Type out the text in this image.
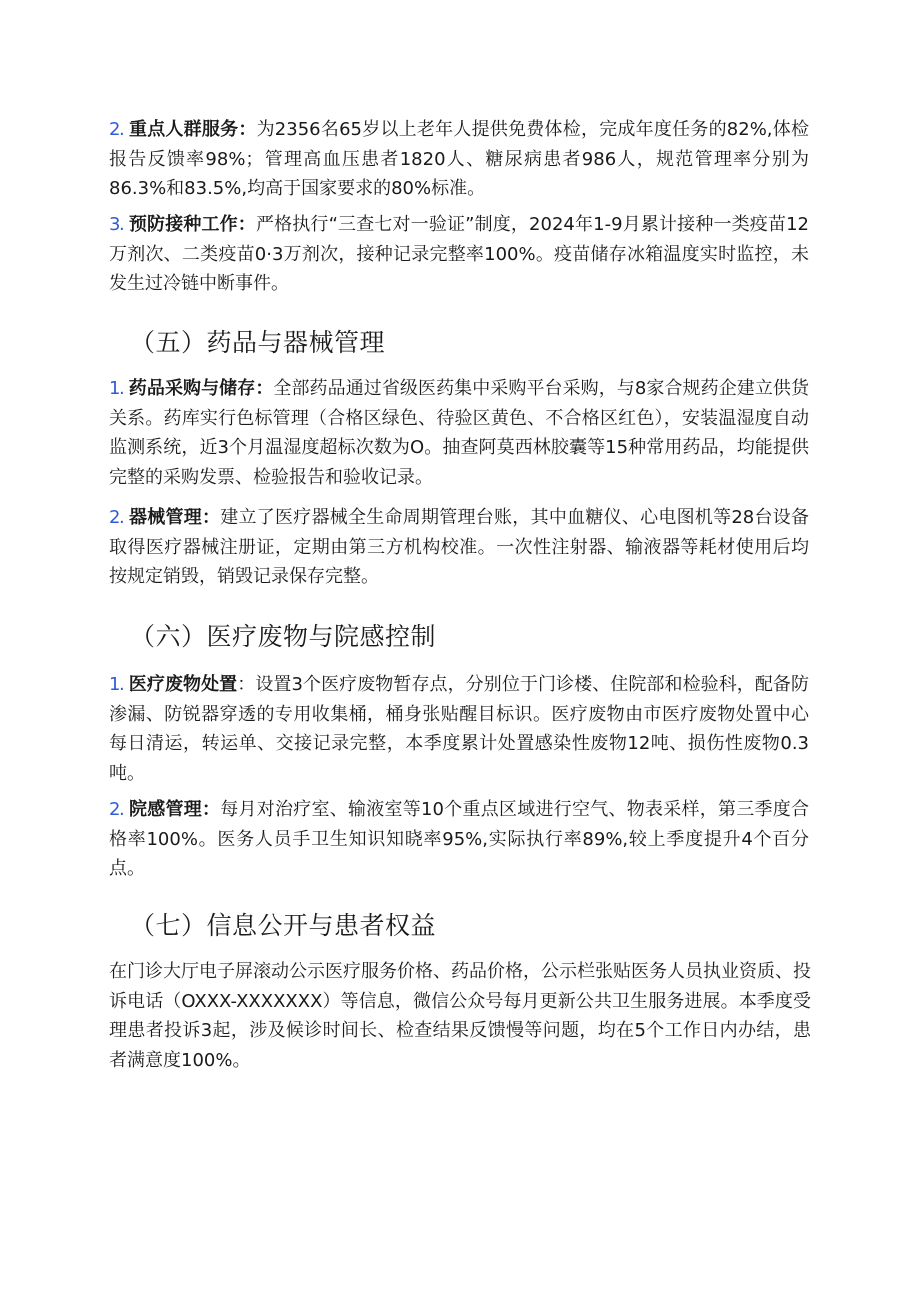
2
. 重点人群服务：为2356名65岁以上老年人提供免费体检，完成年度任务的82%,体检报告反馈率98%；管理高血压患者1820人、糖尿病患者986人，规范管理率分别为86.3%和83.5%,均高于国家要求的80%标准。
3
. 预防接种工作：严格执行“三查七对一验证”制度，2024年1-9月累计接种一类疫苗12万剂次、二类疫苗0·3万剂次，接种记录完整率100%。疫苗储存冰箱温度实时监控，未发生过冷链中断事件。
（五）药品与器械管理
1
. 药品采购与储存：全部药品通过省级医药集中采购平台采购，与8家合规药企建立供货关系。药库实行色标管理（合格区绿色、待验区黄色、不合格区红色），安装温湿度自动监测系统，近3个月温湿度超标次数为O。抽查阿莫西林胶囊等15种常用药品，均能提供完整的采购发票、检验报告和验收记录。
2
. 器械管理：建立了医疗器械全生命周期管理台账，其中血糖仪、心电图机等28台设备取得医疗器械注册证，定期由第三方机构校准。一次性注射器、输液器等耗材使用后均按规定销毁，销毁记录保存完整。
（六）医疗废物与院感控制
1
. 医疗废物处置：设置3个医疗废物暂存点，分别位于门诊楼、住院部和检验科，配备防渗漏、防锐器穿透的专用收集桶，桶身张贴醒目标识。医疗废物由市医疗废物处置中心每日清运，转运单、交接记录完整，本季度累计处置感染性废物12吨、损伤性废物0.3吨。
2
. 院感管理：每月对治疗室、输液室等10个重点区域进行空气、物表采样，第三季度合格率100%。医务人员手卫生知识知晓率95%,实际执行率89%,较上季度提升4个百分点。
（七）信息公开与患者权益
在门诊大厅电子屏滚动公示医疗服务价格、药品价格，公示栏张贴医务人员执业资质、投诉电话（OXXX-XXXXXXX）等信息，微信公众号每月更新公共卫生服务进展。本季度受理患者投诉3起，涉及候诊时间长、检查结果反馈慢等问题，均在5个工作日内办结，患者满意度100%。
